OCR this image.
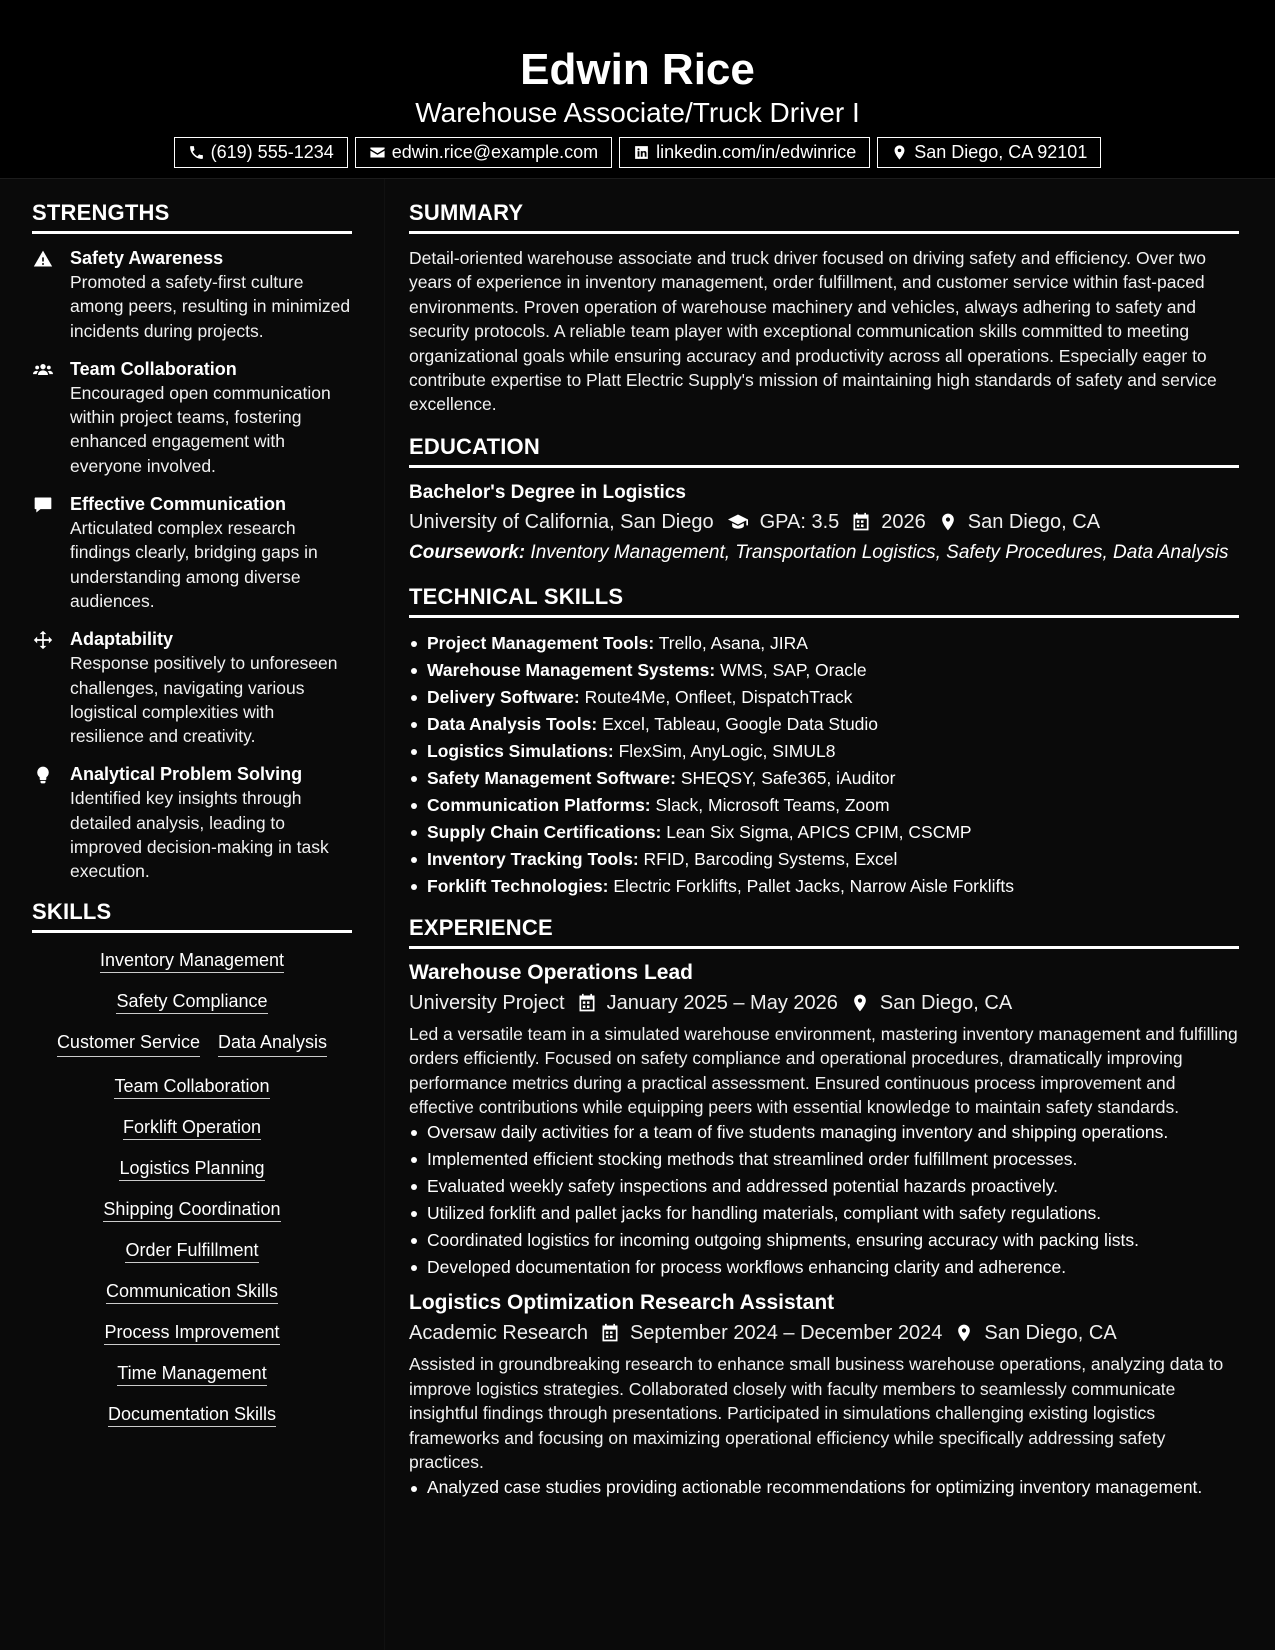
Edwin Rice
Warehouse Associate/Truck Driver I
(619) 555-1234	edwin.rice@example.com	linkedin.com/in/edwinrice	San Diego, CA 92101
STRENGTHS
Safety Awareness
Promoted a safety-first culture among peers, resulting in minimized incidents during projects.
Team Collaboration
Encouraged open communication within project teams, fostering enhanced engagement with everyone involved.
Effective Communication
Articulated complex research findings clearly, bridging gaps in understanding among diverse audiences.
Adaptability
Response positively to unforeseen challenges, navigating various logistical complexities with resilience and creativity.
Analytical Problem Solving
Identified key insights through detailed analysis, leading to improved decision-making in task execution.
SKILLS
Inventory Management
Safety Compliance
Customer Service Data Analysis
Team Collaboration
Forklift Operation
Logistics Planning
Shipping Coordination
Order Fulfillment
Communication Skills
Process Improvement
Time Management
Documentation Skills
SUMMARY
Detail-oriented warehouse associate and truck driver focused on driving safety and efficiency. Over two years of experience in inventory management, order fulfillment, and customer service within fast-paced environments. Proven operation of warehouse machinery and vehicles, always adhering to safety and security protocols. A reliable team player with exceptional communication skills committed to meeting organizational goals while ensuring accuracy and productivity across all operations. Especially eager to contribute expertise to Platt Electric Supply's mission of maintaining high standards of safety and service excellence.
EDUCATION
Bachelor's Degree in Logistics
University of California, San Diego GPA: 3.5 2026 San Diego, CA
Coursework: Inventory Management, Transportation Logistics, Safety Procedures, Data Analysis
TECHNICAL SKILLS
Project Management Tools: Trello, Asana, JIRA
Warehouse Management Systems: WMS, SAP, Oracle
Delivery Software: Route4Me, Onfleet, DispatchTrack
Data Analysis Tools: Excel, Tableau, Google Data Studio
Logistics Simulations: FlexSim, AnyLogic, SIMUL8
Safety Management Software: SHEQSY, Safe365, iAuditor
Communication Platforms: Slack, Microsoft Teams, Zoom
Supply Chain Certifications: Lean Six Sigma, APICS CPIM, CSCMP
Inventory Tracking Tools: RFID, Barcoding Systems, Excel
Forklift Technologies: Electric Forklifts, Pallet Jacks, Narrow Aisle Forklifts
EXPERIENCE
Warehouse Operations Lead
University Project January 2025 – May 2026 San Diego, CA
Led a versatile team in a simulated warehouse environment, mastering inventory management and fulfilling orders efficiently. Focused on safety compliance and operational procedures, dramatically improving performance metrics during a practical assessment. Ensured continuous process improvement and effective contributions while equipping peers with essential knowledge to maintain safety standards.
Oversaw daily activities for a team of five students managing inventory and shipping operations.
Implemented efficient stocking methods that streamlined order fulfillment processes.
Evaluated weekly safety inspections and addressed potential hazards proactively.
Utilized forklift and pallet jacks for handling materials, compliant with safety regulations.
Coordinated logistics for incoming outgoing shipments, ensuring accuracy with packing lists.
Developed documentation for process workflows enhancing clarity and adherence.
Logistics Optimization Research Assistant
Academic Research September 2024 – December 2024 San Diego, CA
Assisted in groundbreaking research to enhance small business warehouse operations, analyzing data to improve logistics strategies. Collaborated closely with faculty members to seamlessly communicate insightful findings through presentations. Participated in simulations challenging existing logistics frameworks and focusing on maximizing operational efficiency while specifically addressing safety practices.
Analyzed case studies providing actionable recommendations for optimizing inventory management.
